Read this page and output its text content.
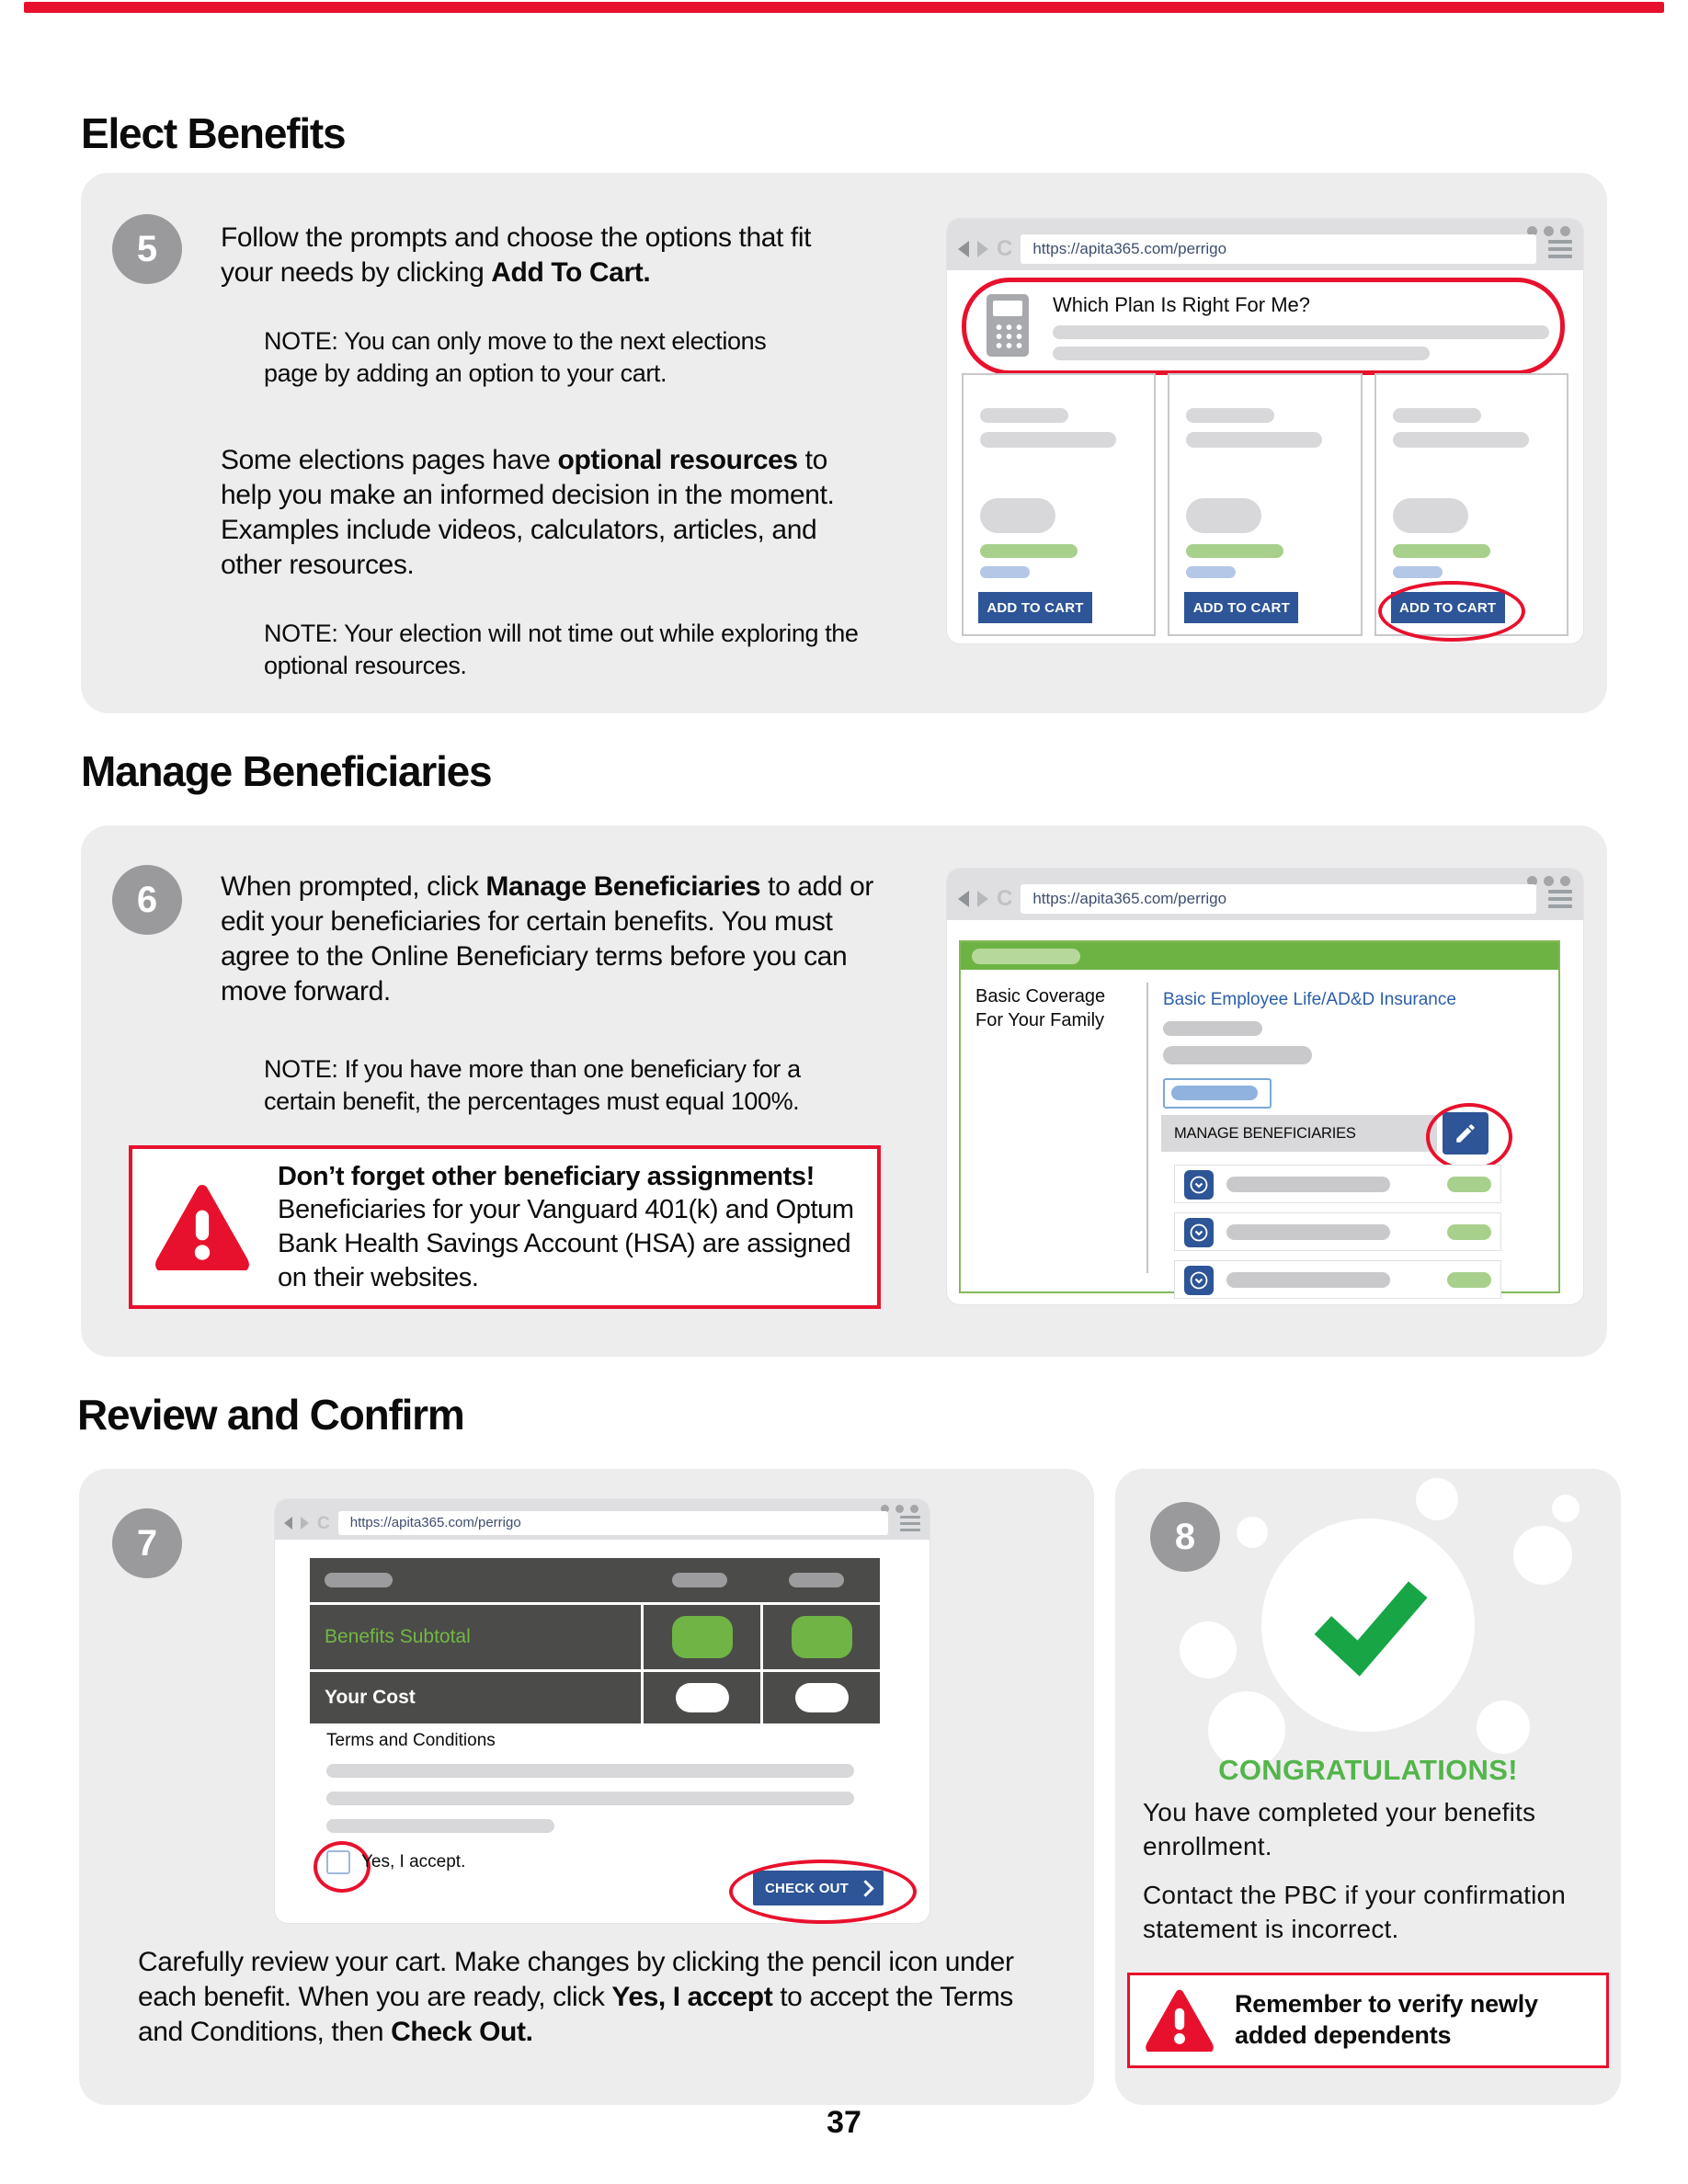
Elect Benefits
5 Follow the prompts and choose the options that fit your needs by clicking Add To Cart.
NOTE: You can only move to the next elections page by adding an option to your cart.
Some elections pages have optional resources to help you make an informed decision in the moment. Examples include videos, calculators, articles, and other resources.
NOTE: Your election will not time out while exploring the optional resources.
C	https://apita365.com/perrigo
Which Plan Is Right For Me?
ADD TO CART	ADD TO CART	ADD TO CART
Manage Beneficiaries
6 When prompted, click Manage Beneficiaries to add or edit your beneficiaries for certain benefits. You must agree to the Online Beneficiary terms before you can move forward.
NOTE: If you have more than one beneficiary for a certain benefit, the percentages must equal 100%.
Don’t forget other beneficiary assignments!
Beneficiaries for your Vanguard 401(k) and Optum Bank Health Savings Account (HSA) are assigned on their websites.
C	https://apita365.com/perrigo
Basic Coverage For Your Family
Basic Employee Life/AD&D Insurance
MANAGE BENEFICIARIES
Review and Confirm
7	C	https://apita365.com/perrigo
Benefits Subtotal
Your Cost
Terms and Conditions
Yes, I accept.
CHECK OUT
Carefully review your cart. Make changes by clicking the pencil icon under each benefit. When you are ready, click Yes, I accept to accept the Terms and Conditions, then Check Out.
8
CONGRATULATIONS!
You have completed your benefits enrollment.
Contact the PBC if your confirmation statement is incorrect.
Remember to verify newly added dependents
37
